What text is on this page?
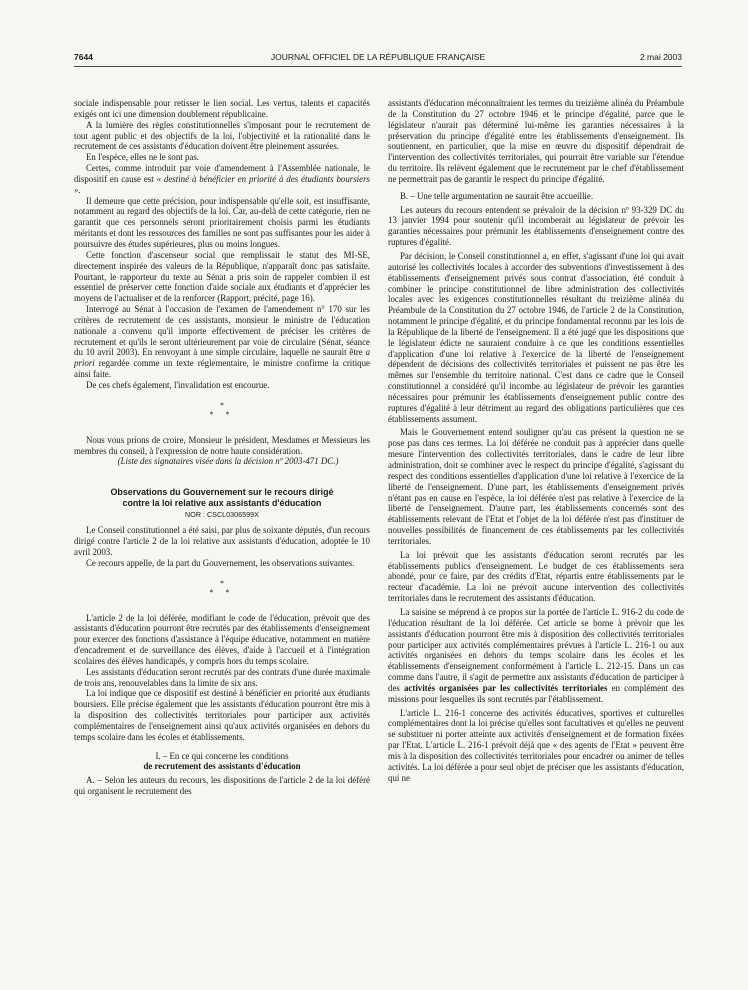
7644	JOURNAL OFFICIEL DE LA RÉPUBLIQUE FRANÇAISE	2 mai 2003

sociale indispensable pour retisser le lien social. Les vertus, talents et capacités exigés ont ici une dimension doublement républicaine.

A la lumière des règles constitutionnelles s'imposant pour le recrutement de tout agent public et des objectifs de la loi, l'objectivité et la rationalité dans le recrutement de ces assistants d'éducation doivent être pleinement assurées.

En l'espèce, elles ne le sont pas.

Certes, comme introduit par voie d'amendement à l'Assemblée nationale, le dispositif en cause est « destiné à bénéficier en priorité à des étudiants boursiers ».

Il demeure que cette précision, pour indispensable qu'elle soit, est insuffisante, notamment au regard des objectifs de la loi. Car, au-delà de cette catégorie, rien ne garantit que ces personnels seront prioritairement choisis parmi les étudiants méritants et dont les ressources des familles ne sont pas suffisantes pour les aider à poursuivre des études supérieures, plus ou moins longues.

Cette fonction d'ascenseur social que remplissait le statut des MI-SE, directement inspirée des valeurs de la République, n'apparaît donc pas satisfaite. Pourtant, le rapporteur du texte au Sénat a pris soin de rappeler combien il est essentiel de préserver cette fonction d'aide sociale aux étudiants et d'apprécier les moyens de l'actualiser et de la renforcer (Rapport, précité, page 16).

Interrogé au Sénat à l'occasion de l'examen de l'amendement n° 170 sur les critères de recrutement de ces assistants, monsieur le ministre de l'éducation nationale a convenu qu'il importe effectivement de préciser les critères de recrutement et qu'ils le seront ultérieurement par voie de circulaire (Sénat, séance du 10 avril 2003). En renvoyant à une simple circulaire, laquelle ne saurait être a priori regardée comme un texte réglementaire, le ministre confirme la critique ainsi faite.

De ces chefs également, l'invalidation est encourue.

*
* *

Nous vous prions de croire, Monsieur le président, Mesdames et Messieurs les membres du conseil, à l'expression de notre haute considération.

(Liste des signataires visée dans la décision nº 2003-471 DC.)

Observations du Gouvernement sur le recours dirigé
contre la loi relative aux assistants d'éducation
NOR : CSCL0306599X

Le Conseil constitutionnel a été saisi, par plus de soixante députés, d'un recours dirigé contre l'article 2 de la loi relative aux assistants d'éducation, adoptée le 10 avril 2003.

Ce recours appelle, de la part du Gouvernement, les observations suivantes.

*
* *

L'article 2 de la loi déférée, modifiant le code de l'éducation, prévoit que des assistants d'éducation pourront être recrutés par des établissements d'enseignement pour exercer des fonctions d'assistance à l'équipe éducative, notamment en matière d'encadrement et de surveillance des élèves, d'aide à l'accueil et à l'intégration scolaires des élèves handicapés, y compris hors du temps scolaire.

Les assistants d'éducation seront recrutés par des contrats d'une durée maximale de trois ans, renouvelables dans la limite de six ans.

La loi indique que ce dispositif est destiné à bénéficier en priorité aux étudiants boursiers. Elle précise également que les assistants d'éducation pourront être mis à la disposition des collectivités territoriales pour participer aux activités complémentaires de l'enseignement ainsi qu'aux activités organisées en dehors du temps scolaire dans les écoles et établissements.

I. – En ce qui concerne les conditions
de recrutement des assistants d'éducation

A. – Selon les auteurs du recours, les dispositions de l'article 2 de la loi déféré qui organisent le recrutement des

assistants d'éducation méconnaîtraient les termes du treizième alinéa du Préambule de la Constitution du 27 octobre 1946 et le principe d'égalité, parce que le législateur n'aurait pas déterminé lui-même les garanties nécessaires à la préservation du principe d'égalité entre les établissements d'enseignement. Ils soutiennent, en particulier, que la mise en œuvre du dispositif dépendrait de l'intervention des collectivités territoriales, qui pourrait être variable sur l'étendue du territoire. Ils relèvent également que le recrutement par le chef d'établissement ne permettrait pas de garantir le respect du principe d'égalité.

B. – Une telle argumentation ne saurait être accueillie.

Les auteurs du recours entendent se prévaloir de la décision nº 93-329 DC du 13 janvier 1994 pour soutenir qu'il incomberait au législateur de prévoir les garanties nécessaires pour prémunir les établissements d'enseignement contre des ruptures d'égalité.

Par décision, le Conseil constitutionnel a, en effet, s'agissant d'une loi qui avait autorisé les collectivités locales à accorder des subventions d'investissement à des établissements d'enseignement privés sous contrat d'association, été conduit à combiner le principe constitutionnel de libre administration des collectivités locales avec les exigences constitutionnelles résultant du treizième alinéa du Préambule de la Constitution du 27 octobre 1946, de l'article 2 de la Constitution, notamment le principe d'égalité, et du principe fondamental reconnu par les lois de la République de la liberté de l'enseignement. Il a été jugé que les dispositions que le législateur édicte ne sauraient conduire à ce que les conditions essentielles d'application d'une loi relative à l'exercice de la liberté de l'enseignement dépendent de décisions des collectivités territoriales et puissent ne pas être les mêmes sur l'ensemble du territoire national. C'est dans ce cadre que le Conseil constitutionnel a considéré qu'il incombe au législateur de prévoir les garanties nécessaires pour prémunir les établissements d'enseignement public contre des ruptures d'égalité à leur détriment au regard des obligations particulières que ces établissements assument.

Mais le Gouvernement entend souligner qu'au cas présent la question ne se pose pas dans ces termes. La loi déférée ne conduit pas à apprécier dans quelle mesure l'intervention des collectivités territoriales, dans le cadre de leur libre administration, doit se combiner avec le respect du principe d'égalité, s'agissant du respect des conditions essentielles d'application d'une loi relative à l'exercice de la liberté de l'enseignement. D'une part, les établissements d'enseignement privés n'étant pas en cause en l'espèce, la loi déférée n'est pas relative à l'exercice de la liberté de l'enseignement. D'autre part, les établissements concernés sont des établissements relevant de l'Etat et l'objet de la loi déférée n'est pas d'instituer de nouvelles possibilités de financement de ces établissements par les collectivités territoriales.

La loi prévoit que les assistants d'éducation seront recrutés par les établissements publics d'enseignement. Le budget de ces établissements sera abondé, pour ce faire, par des crédits d'Etat, répartis entre établissements par le recteur d'académie. La loi ne prévoit aucune intervention des collectivités territoriales dans le recrutement des assistants d'éducation.

La saisine se méprend à ce propos sur la portée de l'article L. 916-2 du code de l'éducation résultant de la loi déférée. Cet article se borne à prévoir que les assistants d'éducation pourront être mis à disposition des collectivités territoriales pour participer aux activités complémentaires prévues à l'article L. 216-1 ou aux activités organisées en dehors du temps scolaire dans les écoles et les établissements d'enseignement conformément à l'article L. 212-15. Dans un cas comme dans l'autre, il s'agit de permettre aux assistants d'éducation de participer à des activités organisées par les collectivités territoriales en complément des missions pour lesquelles ils sont recrutés par l'établissement.

L'article L. 216-1 concerne des activités éducatives, sportives et culturelles complémentaires dont la loi précise qu'elles sont facultatives et qu'elles ne peuvent se substituer ni porter atteinte aux activités d'enseignement et de formation fixées par l'Etat. L'article L. 216-1 prévoit déjà que « des agents de l'Etat » peuvent être mis à la disposition des collectivités territoriales pour encadrer ou animer de telles activités. La loi déférée a pour seul objet de préciser que les assistants d'éducation, qui ne
